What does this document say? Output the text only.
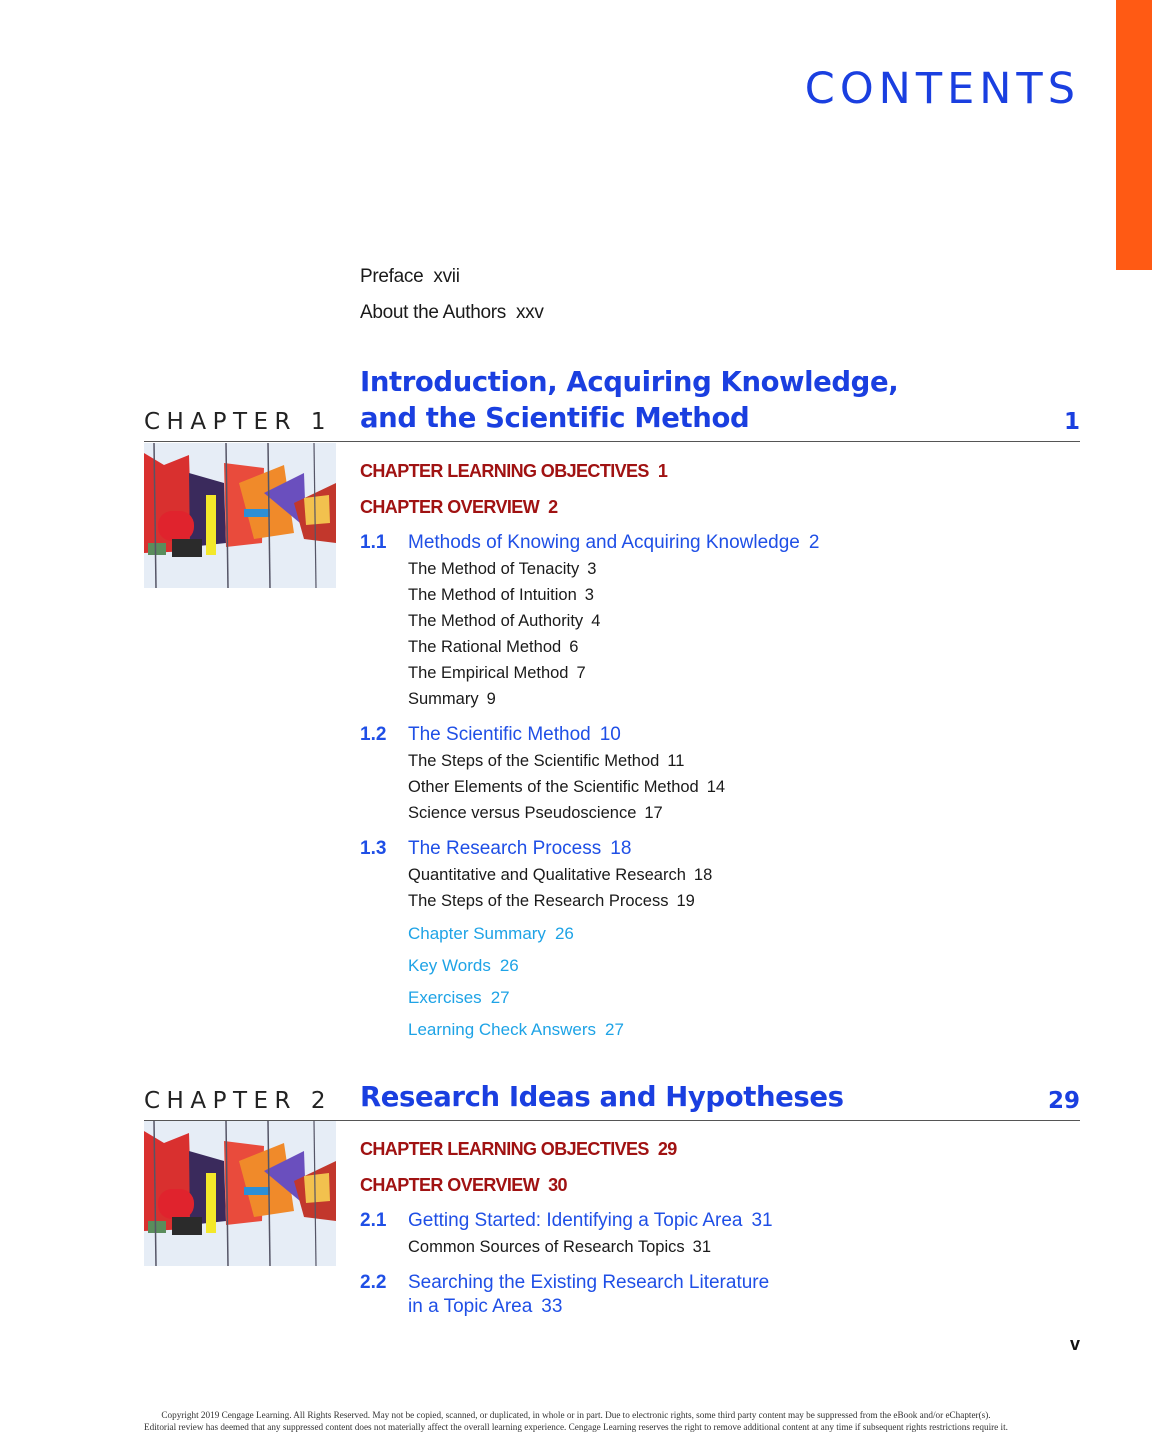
CONTENTS
Preface xvii
About the Authors xxv
CHAPTER 1
Introduction, Acquiring Knowledge,
and the Scientific Method	1
CHAPTER LEARNING OBJECTIVES 1
CHAPTER OVERVIEW 2
1.1 Methods of Knowing and Acquiring Knowledge 2
The Method of Tenacity 3
The Method of Intuition 3
The Method of Authority 4
The Rational Method 6
The Empirical Method 7
Summary 9
1.2 The Scientific Method 10
The Steps of the Scientific Method 11
Other Elements of the Scientific Method 14
Science versus Pseudoscience 17
1.3 The Research Process 18
Quantitative and Qualitative Research 18
The Steps of the Research Process 19
Chapter Summary 26
Key Words 26
Exercises 27
Learning Check Answers 27
CHAPTER 2 Research Ideas and Hypotheses	29
CHAPTER LEARNING OBJECTIVES 29
CHAPTER OVERVIEW 30
2.1 Getting Started: Identifying a Topic Area 31
Common Sources of Research Topics 31
2.2 Searching the Existing Research Literature
in a Topic Area 33
v
Copyright 2019 Cengage Learning. All Rights Reserved. May not be copied, scanned, or duplicated, in whole or in part. Due to electronic rights, some third party content may be suppressed from the eBook and/or eChapter(s).
Editorial review has deemed that any suppressed content does not materially affect the overall learning experience. Cengage Learning reserves the right to remove additional content at any time if subsequent rights restrictions require it.
